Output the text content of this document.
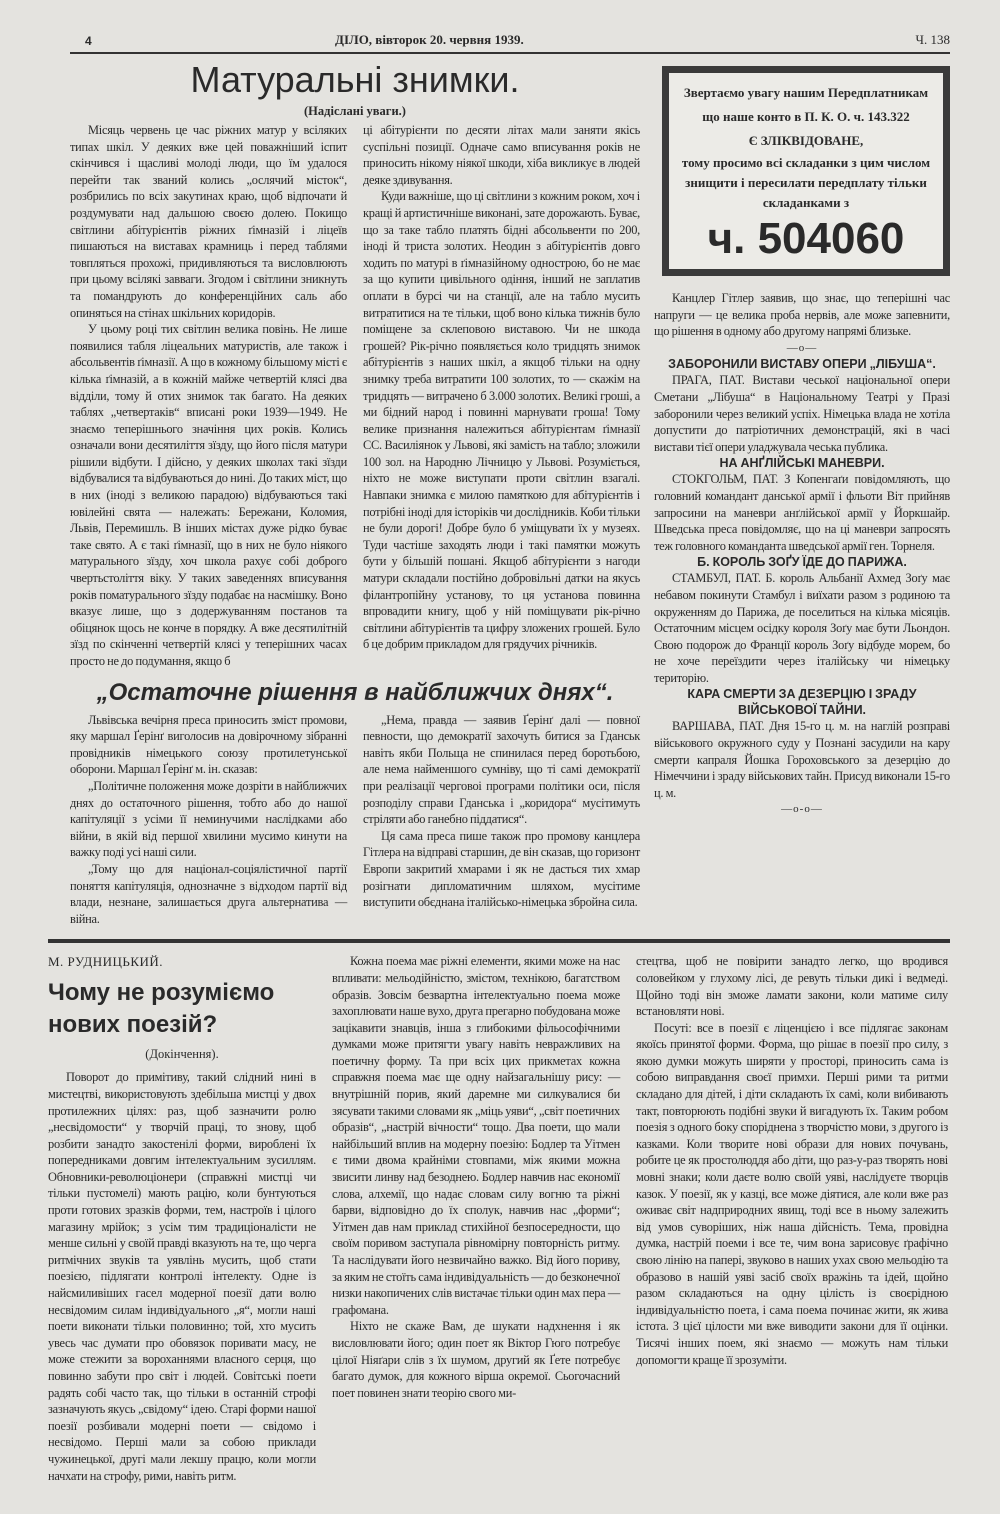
4	ДІЛО, вівторок 20. червня 1939.	Ч. 138
Матуральні знимки.
(Надіслані уваги.)

Місяць червень це час ріжних матур у всіляких типах шкіл. У деяких вже цей поважніший іспит скінчився і щасливі молоді люди, що їм удалося перейти так званий колись „ослячий місток“, розбрились по всіх закутинах краю, щоб відпочати й роздумувати над дальшою своєю долею. Покищо світлини абітурієнтів ріжних ґімназій і ліцеїв пишаються на виставах крамниць і перед таблями товпляться прохожі, придивляються та висловлюють при цьому всілякі завваги. Згодом і світлини зникнуть та помандрують до конференційних саль або опиняться на стінах шкільних коридорів.

У цьому році тих світлин велика повінь. Не лише появилися табля ліцеальних матуристів, але також і абсольвентів ґімназії. А що в кожному більшому місті є кілька ґімназій, а в кожній майже четвертій клясі два відділи, тому й отих знимок так багато. На деяких таблях „четвертаків“ вписані роки 1939—1949. Не знаємо теперішнього значіння цих років. Колись означали вони десятиліття зїзду, що його після матури рішили відбути. І дійсно, у деяких школах такі зїзди відбувалися та відбуваються до нині. До таких міст, що в них (іноді з великою парадою) відбуваються такі ювілейні свята — належать: Бережани, Коломия, Львів, Перемишль. В інших містах дуже рідко буває таке свято. А є такі ґімназії, що в них не було ніякого матурального зїзду, хоч школа рахує собі доброго чвертьстоліття віку. У таких заведеннях вписування років поматурального зїзду подабає на насмішку. Воно вказує лише, що з додержуванням постанов та обіцянок щось не конче в порядку. А вже десятилітній зїзд по скінченні четвертій клясі у теперішних часах просто не до подумання, якщо б

ці абітурієнти по десяти літах мали заняти якісь суспільні позиції. Одначе само вписування років не приносить нікому ніякої шкоди, хіба викликує в людей деяке здивування.

Куди важніше, що ці світлини з кожним роком, хоч і кращі й артистичніше виконані, зате дорожають. Буває, що за таке табло платять бідні абсольвенти по 200, іноді й триста золотих. Неодин з абітурієнтів довго ходить по матурі в ґімназійному однострою, бо не має за що купити цивільного одіння, інший не заплатив оплати в бурсі чи на станції, але на табло мусить витратитися на те тільки, щоб воно кілька тижнів було поміщене за склеповою виставою. Чи не шкода грошей? Рік-річно появляється коло тридцять знимок абітурієнтів з наших шкіл, а якщоб тільки на одну знимку треба витратити 100 золотих, то — скажім на тридцять — витрачено б 3.000 золотих. Великі гроші, а ми бідний народ і повинні марнувати гроша! Тому велике признання належиться абітурієнтам ґімназії СС. Василіянок у Львові, які замість на табло; зложили 100 зол. на Народню Лічницю у Львові. Розуміється, ніхто не може виступати проти світлин взагалі. Навпаки знимка є милою памяткою для абітурієнтів і потрібні іноді для історіків чи дослідників. Коби тільки не були дорогі! Добре було б уміщувати їх у музеях. Туди частіше заходять люди і такі памятки можуть бути у більшій пошані. Якщоб абітурієнти з нагоди матури складали постійно добровільні датки на якусь філантропійну установу, то ця установа повинна впровадити книгу, щоб у ній поміщувати рік-річно світлини абітурієнтів та цифру зложених грошей. Було б це добрим прикладом для грядучих річників.

„Остаточне рішення в найближчих днях“.

Львівська вечірня преса приносить зміст промови, яку маршал Ґерінґ виголосив на довірочному зібранні провідників німецького союзу протилетунської оборони. Маршал Ґерінґ м. ін. сказав:

„Політичне положення може дозріти в найближчих днях до остаточного рішення, тобто або до нашої капітуляції з усіми її неминучими наслідками або війни, в якій від першої хвилини мусимо кинути на важку поді усі наші сили.

„Тому що для націонал-соціялістичної партії поняття капітуляція, однозначне з відходом партії від влади, незнане, залишається друга альтернатива — війна.

„Нема, правда — заявив Ґерінґ далі — повної певности, що демократії захочуть битися за Гданськ навіть якби Польща не спинилася перед боротьбою, але нема найменшого сумніву, що ті самі демократії при реалізації черговоі програми політики оси, після розподілу справи Гданська і „коридора“ мусітимуть стріляти або ганебно піддатися“.

Ця сама преса пише також про промову канцлера Гітлера на відправі старшин, де він сказав, що горизонт Европи закритий хмарами і як не дасться тих хмар розігнати дипломатичним шляхом, мусітиме виступити обєднана італійсько-німецька збройна сила.

Звертаємо увагу нашим Передплатникам
що наше конто в П. К. О. ч. 143.322
Є ЗЛІКВІДОВАНЕ,
тому просимо всі складанки з цим числом знищити і пересилати передплату тільки складанками з
ч. 504060

Канцлер Гітлер заявив, що знає, що теперішні час напруги — це велика проба нервів, але може запевнити, що рішення в одному або другому напрямі близьке.

—o—

ЗАБОРОНИЛИ ВИСТАВУ ОПЕРИ „ЛІБУША“.

ПРАГА, ПАТ. Вистави чеської національної опери Сметани „Лібуша“ в Національному Театрі у Празі заборонили через великий успіх. Німецька влада не хотіла допустити до патріотичних демонстрацій, які в часі вистави тієї опери уладжувала чеська публика.

НА АНҐЛІЙСЬКІ МАНЕВРИ.

СТОКГОЛЬМ, ПАТ. З Копенгаґи повідомляють, що головний командант данської армії і фльоти Віт прийняв запросини на маневри анґлійської армії у Йоркшайр. Шведська преса повідомляє, що на ці маневри запросять теж головного команданта шведської армії ген. Торнеля.

Б. КОРОЛЬ ЗОҐУ ЇДЕ ДО ПАРИЖА.

СТАМБУЛ, ПАТ. Б. король Альбанії Ахмед Зоґу має небавом покинути Стамбул і виїхати разом з родиною та окруженням до Парижа, де поселиться на кілька місяців. Остаточним місцем осідку короля Зоґу має бути Льондон. Свою подорож до Франції король Зоґу відбуде морем, бо не хоче переїздити через італійську чи німецьку територію.

КАРА СМЕРТИ ЗА ДЕЗЕРЦІЮ І ЗРАДУ ВІЙСЬКОВОЇ ТАЙНИ.

ВАРШАВА, ПАТ. Дня 15-го ц. м. на наглій розправі військового окружного суду у Познані засудили на кару смерти капраля Йошка Гороховського за дезерцію до Німеччини і зраду військових тайн. Присуд виконали 15-го ц. м.

—o-o—

М. РУДНИЦЬКИЙ.
Чому не розуміємо нових поезій?
(Докінчення).

Поворот до примітиву, такий слідний нині в мистецтві, використовують здебільша мистці у двох протилежних цілях: раз, щоб зазначити ролю „несвідомости“ у творчій праці, то знову, щоб розбити занадто закостенілі форми, вироблені їх попередниками довгим інтелектуальним зусиллям. Обновники-революціонери (справжні мистці чи тільки пустомелі) мають рацію, коли бунтуються проти готових зразків форми, тем, настроїв і цілого магазину мрійок; з усім тим традиціоналісти не менше сильні у своїй правді вказують на те, що черга ритмічних звуків та уявлінь мусить, щоб стати поезією, підлягати контролі інтелекту. Одне із найсмиливіших гасел модерної поезії дати волю несвідомим силам індивідуального „я“, могли наші поети виконати тільки половинно; той, хто мусить увесь час думати про обовязок поривати масу, не може стежити за вороханнями власного серця, що повинно забути про світ і людей. Совітські поети радять собі часто так, що тільки в останній строфі зазначують якусь „свідому“ ідею. Старі форми нашої поезії розбивали модерні поети — свідомо і несвідомо. Перші мали за собою приклади чужинецької, другі мали лекшу працю, коли могли начхати на строфу, рими, навіть ритм.

Кожна поема має ріжні елементи, якими може на нас впливати: мельодійністю, змістом, технікою, багатством образів. Зовсім безвартна інтелектуально поема може захоплювати наше вухо, друга прегарно побудована може зацікавити знавців, інша з глибокими фільософічними думками може притягти увагу навіть невражливих на поетичну форму. Та при всіх цих прикметах кожна справжня поема має ще одну найзагальнішу рису: — внутрішній порив, який даремне ми силкувалися би зясувати такими словами як „міць уяви“, „світ поетичних образів“, „настрій вічности“ тощо. Два поети, що мали найбільший вплив на модерну поезію: Бодлер та Уітмен є тими двома крайніми стовпами, між якими можна звисити линву над безоднею. Бодлер навчив нас економії слова, алхемії, що надає словам силу вогню та ріжні барви, відповідно до їх сполук, навчив нас „форми“; Уітмен дав нам приклад стихійної безпосередности, що своїм поривом заступала рівномірну повторність ритму. Та наслідувати його незвичайно важко. Від його пориву, за яким не стоїть сама індивідуальність — до безконечної низки накопичених слів вистачає тільки один мах пера — графомана.

Ніхто не скаже Вам, де шукати надхнення і як висловлювати його; один поет як Віктор Гюго потребує цілої Ніяґари слів з їх шумом, другий як Ґете потребує багато думок, для кожного вірша окремої. Сьогочасний поет повинен знати теорію свого ми-

стецтва, щоб не повірити занадто легко, що вродився соловейком у глухому лісі, де ревуть тільки дикі і ведмеді. Щойно тоді він зможе ламати закони, коли матиме силу встановляти нові.

Посуті: все в поезії є ліценцією і все підлягає законам якоїсь принятої форми. Форма, що рішає в поезії про силу, з якою думки можуть ширяти у просторі, приносить сама із собою виправдання своєї примхи. Перші рими та ритми складано для дітей, і діти складають їх самі, коли вибивають такт, повторюють подібні звуки й вигадують їх. Таким робом поезія з одного боку споріднена з творчістю мови, з другого із казками. Коли творите нові образи для нових почувань, робите це як простолюддя або діти, що раз-у-раз творять нові мовні знаки; коли даєте волю своїй уяві, наслідуєте творців казок. У поезії, як у казці, все може діятися, але коли вже раз оживає світ надприродних явищ, тоді все в ньому залежить від умов суворіших, ніж наша дійсність. Тема, провідна думка, настрій поеми і все те, чим вона зарисовує ґрафічно свою лінію на папері, звуково в наших ухах свою мельодію та образово в нашій уяві засіб своїх вражінь та ідей, щойно разом складаються на одну цілість із своєрідною індивідуальністю поета, і сама поема починає жити, як жива істота. З цієї цілости ми вже виводити закони для її оцінки. Тисячі інших поем, які знаємо — можуть нам тільки допомогти краще її зрозуміти.
